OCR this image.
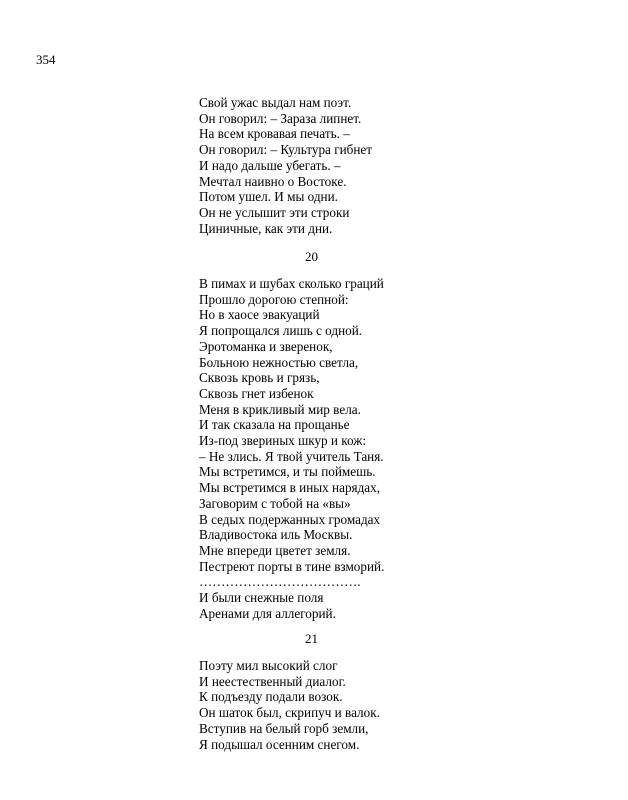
354
Свой ужас выдал нам поэт.
Он говорил: – Зараза липнет.
На всем кровавая печать. –
Он говорил: – Культура гибнет
И надо дальше убегать. –
Мечтал наивно о Востоке.
Потом ушел. И мы одни.
Он не услышит эти строки
Циничные, как эти дни.
20
В пимах и шубах сколько граций
Прошло дорогою степной:
Но в хаосе эвакуаций
Я попрощался лишь с одной.
Эротоманка и зверенок,
Больною нежностью светла,
Сквозь кровь и грязь,
Сквозь гнет избенок
Меня в крикливый мир вела.
И так сказала на прощанье
Из-под звериных шкур и кож:
– Не злись. Я твой учитель Таня.
Мы встретимся, и ты поймешь.
Мы встретимся в иных нарядах,
Заговорим с тобой на «вы»
В седых подержанных громадах
Владивостока иль Москвы.
Мне впереди цветет земля.
Пестреют порты в тине взморий.
……………………………….
И были снежные поля
Аренами для аллегорий.
21
Поэту мил высокий слог
И неестественный диалог.
К подъезду подали возок.
Он шаток был, скрипуч и валок.
Вступив на белый горб земли,
Я подышал осенним снегом.
